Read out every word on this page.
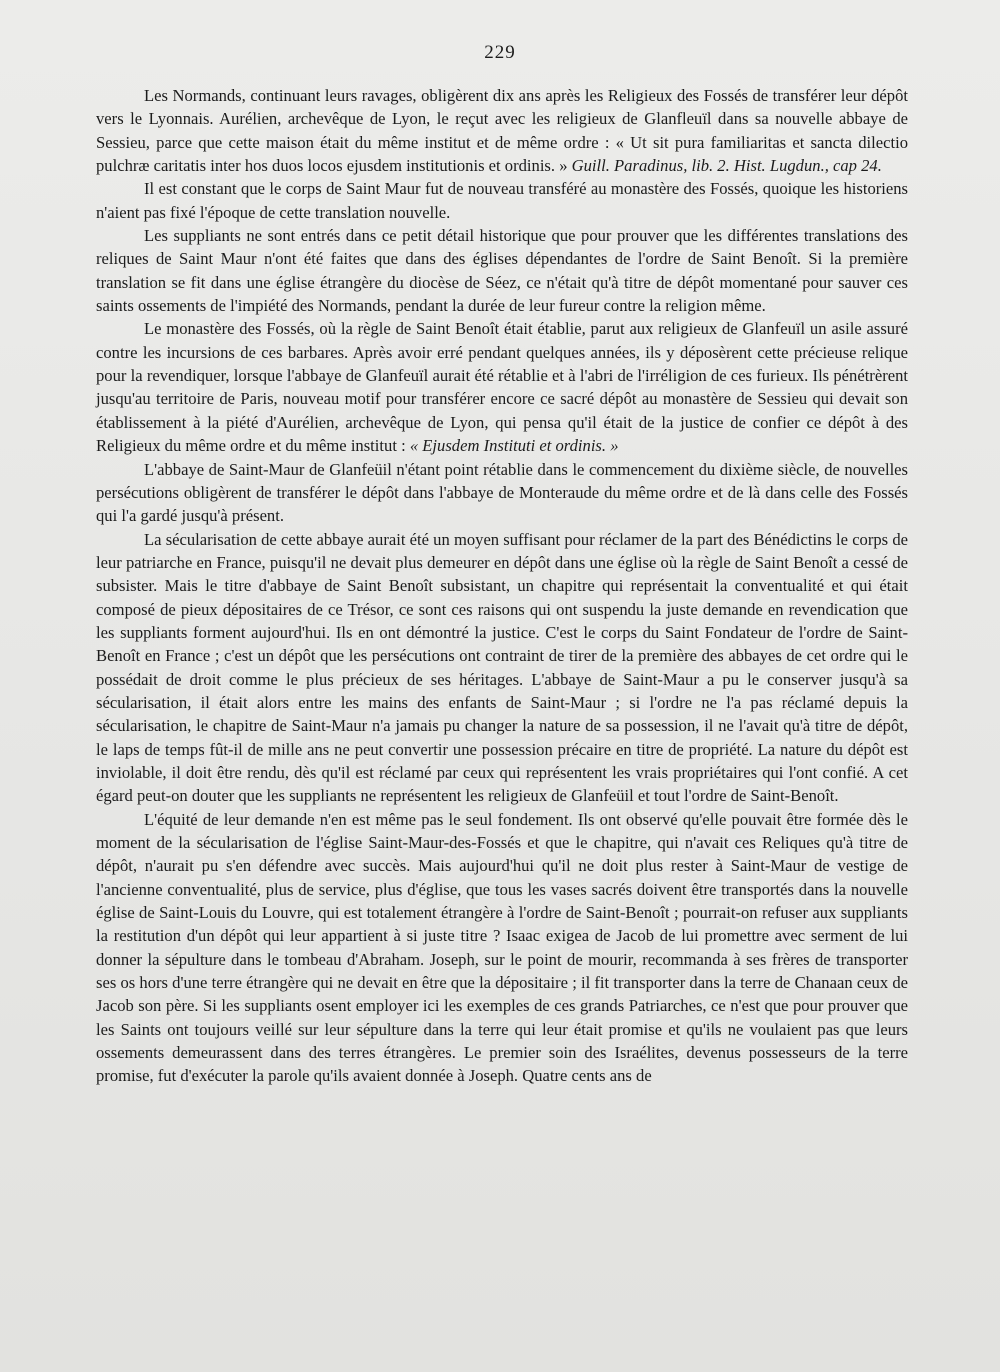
229

Les Normands, continuant leurs ravages, obligèrent dix ans après les Religieux des Fossés de transférer leur dépôt vers le Lyonnais. Aurélien, archevêque de Lyon, le reçut avec les religieux de Glanfleuïl dans sa nouvelle abbaye de Sessieu, parce que cette maison était du même institut et de même ordre : « Ut sit pura familiaritas et sancta dilectio pulchræ caritatis inter hos duos locos ejusdem institutionis et ordinis. » Guill. Paradinus, lib. 2. Hist. Lugdun., cap 24.

Il est constant que le corps de Saint Maur fut de nouveau transféré au monastère des Fossés, quoique les historiens n'aient pas fixé l'époque de cette translation nouvelle.

Les suppliants ne sont entrés dans ce petit détail historique que pour prouver que les différentes translations des reliques de Saint Maur n'ont été faites que dans des églises dépendantes de l'ordre de Saint Benoît. Si la première translation se fit dans une église étrangère du diocèse de Séez, ce n'était qu'à titre de dépôt momentané pour sauver ces saints ossements de l'impiété des Normands, pendant la durée de leur fureur contre la religion même.

Le monastère des Fossés, où la règle de Saint Benoît était établie, parut aux religieux de Glanfeuïl un asile assuré contre les incursions de ces barbares. Après avoir erré pendant quelques années, ils y déposèrent cette précieuse relique pour la revendiquer, lorsque l'abbaye de Glanfeuïl aurait été rétablie et à l'abri de l'irréligion de ces furieux. Ils pénétrèrent jusqu'au territoire de Paris, nouveau motif pour transférer encore ce sacré dépôt au monastère de Sessieu qui devait son établissement à la piété d'Aurélien, archevêque de Lyon, qui pensa qu'il était de la justice de confier ce dépôt à des Religieux du même ordre et du même institut : « Ejusdem Instituti et ordinis. »

L'abbaye de Saint-Maur de Glanfeüil n'étant point rétablie dans le commencement du dixième siècle, de nouvelles persécutions obligèrent de transférer le dépôt dans l'abbaye de Monteraude du même ordre et de là dans celle des Fossés qui l'a gardé jusqu'à présent.

La sécularisation de cette abbaye aurait été un moyen suffisant pour réclamer de la part des Bénédictins le corps de leur patriarche en France, puisqu'il ne devait plus demeurer en dépôt dans une église où la règle de Saint Benoît a cessé de subsister. Mais le titre d'abbaye de Saint Benoît subsistant, un chapitre qui représentait la conventualité et qui était composé de pieux dépositaires de ce Trésor, ce sont ces raisons qui ont suspendu la juste demande en revendication que les suppliants forment aujourd'hui. Ils en ont démontré la justice. C'est le corps du Saint Fondateur de l'ordre de Saint-Benoît en France ; c'est un dépôt que les persécutions ont contraint de tirer de la première des abbayes de cet ordre qui le possédait de droit comme le plus précieux de ses héritages. L'abbaye de Saint-Maur a pu le conserver jusqu'à sa sécularisation, il était alors entre les mains des enfants de Saint-Maur ; si l'ordre ne l'a pas réclamé depuis la sécularisation, le chapitre de Saint-Maur n'a jamais pu changer la nature de sa possession, il ne l'avait qu'à titre de dépôt, le laps de temps fût-il de mille ans ne peut convertir une possession précaire en titre de propriété. La nature du dépôt est inviolable, il doit être rendu, dès qu'il est réclamé par ceux qui représentent les vrais propriétaires qui l'ont confié. A cet égard peut-on douter que les suppliants ne représentent les religieux de Glanfeüil et tout l'ordre de Saint-Benoît.

L'équité de leur demande n'en est même pas le seul fondement. Ils ont observé qu'elle pouvait être formée dès le moment de la sécularisation de l'église Saint-Maur-des-Fossés et que le chapitre, qui n'avait ces Reliques qu'à titre de dépôt, n'aurait pu s'en défendre avec succès. Mais aujourd'hui qu'il ne doit plus rester à Saint-Maur de vestige de l'ancienne conventualité, plus de service, plus d'église, que tous les vases sacrés doivent être transportés dans la nouvelle église de Saint-Louis du Louvre, qui est totalement étrangère à l'ordre de Saint-Benoît ; pourrait-on refuser aux suppliants la restitution d'un dépôt qui leur appartient à si juste titre ? Isaac exigea de Jacob de lui promettre avec serment de lui donner la sépulture dans le tombeau d'Abraham. Joseph, sur le point de mourir, recommanda à ses frères de transporter ses os hors d'une terre étrangère qui ne devait en être que la dépositaire ; il fit transporter dans la terre de Chanaan ceux de Jacob son père. Si les suppliants osent employer ici les exemples de ces grands Patriarches, ce n'est que pour prouver que les Saints ont toujours veillé sur leur sépulture dans la terre qui leur était promise et qu'ils ne voulaient pas que leurs ossements demeurassent dans des terres étrangères. Le premier soin des Israélites, devenus possesseurs de la terre promise, fut d'exécuter la parole qu'ils avaient donnée à Joseph. Quatre cents ans de
